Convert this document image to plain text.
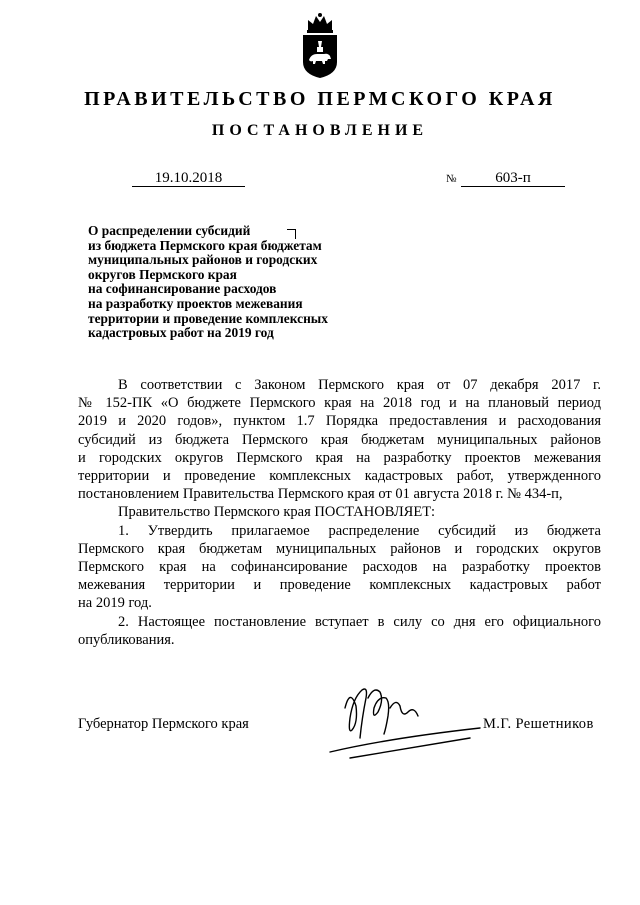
ПРАВИТЕЛЬСТВО ПЕРМСКОГО КРАЯ
ПОСТАНОВЛЕНИЕ
19.10.2018	№	603-п
О распределении субсидий
из бюджета Пермского края бюджетам
муниципальных районов и городских
округов Пермского края
на софинансирование расходов
на разработку проектов межевания
территории и проведение комплексных
кадастровых работ на 2019 год

В соответствии с Законом Пермского края от 07 декабря 2017 г.

№ 152-ПК «О бюджете Пермского края на 2018 год и на плановый период

2019 и 2020 годов», пунктом 1.7 Порядка предоставления и расходования

субсидий из бюджета Пермского края бюджетам муниципальных районов

и городских округов Пермского края на разработку проектов межевания

территории и проведение комплексных кадастровых работ, утвержденного

постановлением Правительства Пермского края от 01 августа 2018 г. № 434-п,

Правительство Пермского края ПОСТАНОВЛЯЕТ:

1. Утвердить прилагаемое распределение субсидий из бюджета

Пермского края бюджетам муниципальных районов и городских округов

Пермского края на софинансирование расходов на разработку проектов

межевания территории и проведение комплексных кадастровых работ

на 2019 год.

2. Настоящее постановление вступает в силу со дня его официального

опубликования.

Губернатор Пермского края	М.Г. Решетников
